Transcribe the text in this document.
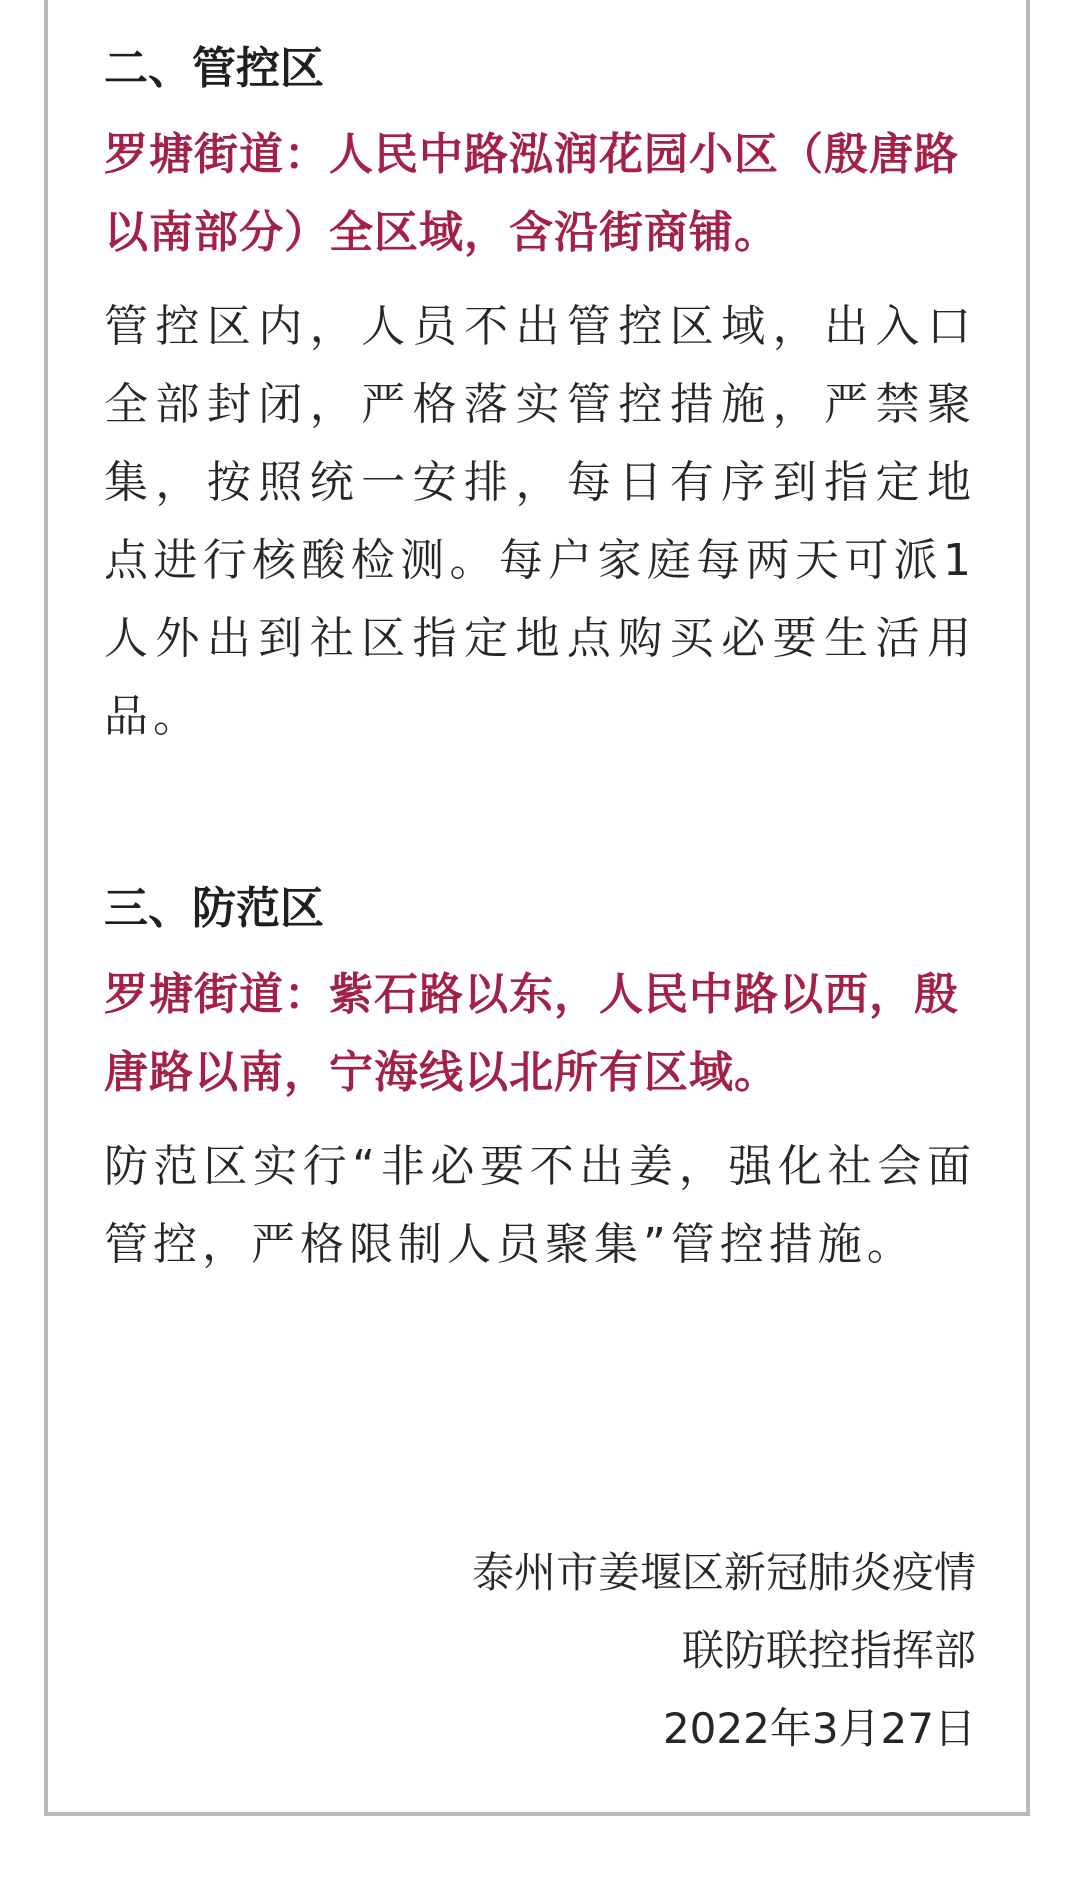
二、管控区

罗塘街道：人民中路泓润花园小区（殷唐路以南部分）全区域，含沿街商铺。

管控区内，人员不出管控区域，出入口全部封闭，严格落实管控措施，严禁聚集，按照统一安排，每日有序到指定地点进行核酸检测。每户家庭每两天可派1人外出到社区指定地点购买必要生活用品。

三、防范区

罗塘街道：紫石路以东，人民中路以西，殷唐路以南，宁海线以北所有区域。

防范区实行“非必要不出姜，强化社会面管控，严格限制人员聚集”管控措施。

泰州市姜堰区新冠肺炎疫情
联防联控指挥部
2022年3月27日
